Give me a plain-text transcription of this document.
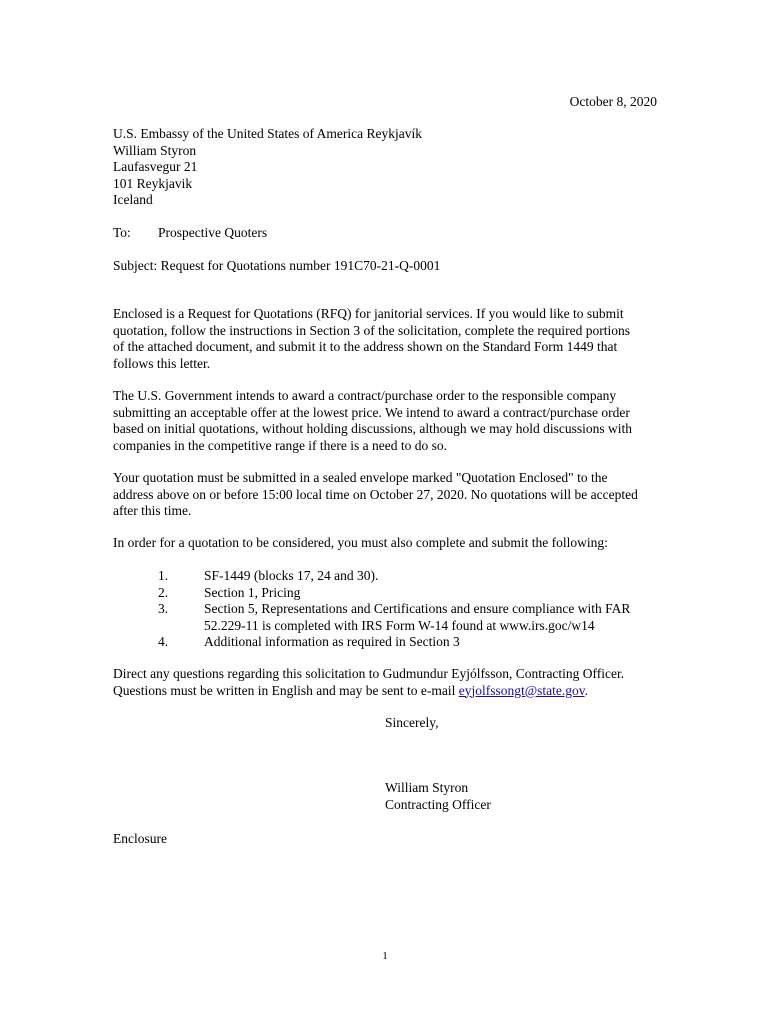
October 8, 2020
U.S. Embassy of the United States of America Reykjavík
William Styron
Laufasvegur 21
101 Reykjavik
Iceland
To: Prospective Quoters
Subject: Request for Quotations number 191C70-21-Q-0001
Enclosed is a Request for Quotations (RFQ) for janitorial services. If you would like to submit
quotation, follow the instructions in Section 3 of the solicitation, complete the required portions
of the attached document, and submit it to the address shown on the Standard Form 1449 that
follows this letter.
The U.S. Government intends to award a contract/purchase order to the responsible company
submitting an acceptable offer at the lowest price. We intend to award a contract/purchase order
based on initial quotations, without holding discussions, although we may hold discussions with
companies in the competitive range if there is a need to do so.
Your quotation must be submitted in a sealed envelope marked "Quotation Enclosed" to the
address above on or before 15:00 local time on October 27, 2020. No quotations will be accepted
after this time.
In order for a quotation to be considered, you must also complete and submit the following:
1.	SF-1449 (blocks 17, 24 and 30).
2.	Section 1, Pricing
3.	Section 5, Representations and Certifications and ensure compliance with FAR
52.229-11 is completed with IRS Form W-14 found at www.irs.goc/w14
4.	Additional information as required in Section 3
Direct any questions regarding this solicitation to Gudmundur Eyjólfsson, Contracting Officer.
Questions must be written in English and may be sent to e-mail eyjolfssongt@state.gov.
Sincerely,
William Styron
Contracting Officer
Enclosure
1
